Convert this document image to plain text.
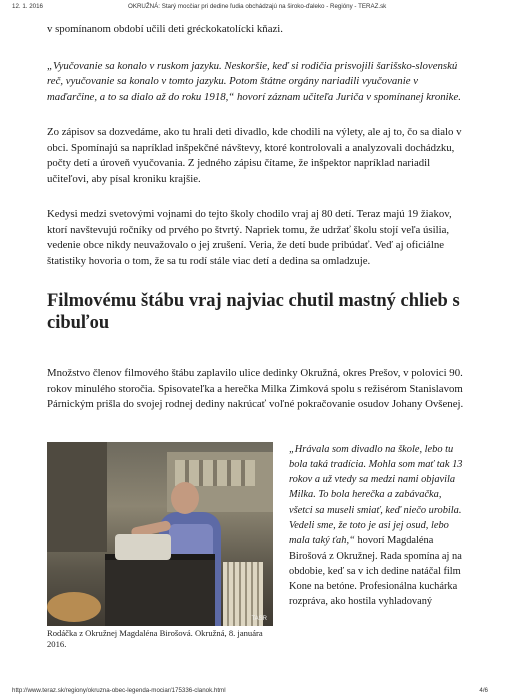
12. 1. 2016	OKRUŽNÁ: Starý mocčiar pri dedine ľudia obchádzajú na široko-ďaleko - Regióny - TERAZ.sk

v spomínanom období učili deti gréckokatolícki kňazi.

„Vyučovanie sa konalo v ruskom jazyku. Neskoršie, keď si rodičia prisvojili šarišsko-slovenskú reč, vyučovanie sa konalo v tomto jazyku. Potom štátne orgány nariadili vyučovanie v maďarčine, a to sa dialo až do roku 1918,“ hovorí záznam učiteľa Juriča v spomínanej kronike.

Zo zápisov sa dozvedáme, ako tu hrali deti divadlo, kde chodili na výlety, ale aj to, čo sa dialo v obci. Spomínajú sa napríklad inšpekčné návštevy, ktoré kontrolovali a analyzovali dochádzku, počty detí a úroveň vyučovania. Z jedného zápisu čítame, že inšpektor napríklad nariadil učiteľovi, aby písal kroniku krajšie.

Kedysi medzi svetovými vojnami do tejto školy chodilo vraj aj 80 detí. Teraz majú 19 žiakov, ktorí navštevujú ročníky od prvého po štvrtý. Napriek tomu, že udržať školu stojí veľa úsilia, vedenie obce nikdy neuvažovalo o jej zrušení. Veria, že detí bude pribúdať. Veď aj oficiálne štatistiky hovoria o tom, že sa tu rodí stále viac detí a dedina sa omladzuje.

Filmovému štábu vraj najviac chutil mastný chlieb s cibuľou

Množstvo členov filmového štábu zaplavilo ulice dedinky Okružná, okres Prešov, v polovici 90. rokov minulého storočia. Spisovateľka a herečka Milka Zimková spolu s režisérom Stanislavom Párnickým prišla do svojej rodnej dediny nakrúcať voľné pokračovanie osudov Johany Ovšenej.

TASR
Rodáčka z Okružnej Magdaléna Birošová. Okružná, 8. januára 2016.

„Hrávala som divadlo na škole, lebo tu bola taká tradícia. Mohla som mať tak 13 rokov a už vtedy sa medzi nami objavila Milka. To bola herečka a zabávačka, všetci sa museli smiať, keď niečo urobila. Vedeli sme, že toto je asi jej osud, lebo mala taký ťah,“ hovorí Magdaléna Birošová z Okružnej. Rada spomína aj na obdobie, keď sa v ich dedine natáčal film Kone na betóne. Profesionálna kuchárka rozpráva, ako hostila vyhladovaný

http://www.teraz.sk/regiony/okruzna-obec-legenda-mociar/175336-clanok.html	4/6
